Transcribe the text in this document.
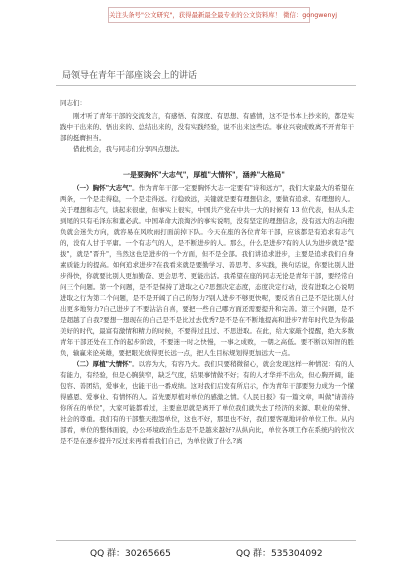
关注头条号"公文研究"，获得最新最全最专业的公文资料库！ 微信：gongwenyj
局领导在青年干部座谈会上的讲话
同志们：

刚才听了青年干部的交流发言，有感悟、有深度、有思想、有感情，这不是书本上抄来的，都是实践中干出来的、悟出来的、总结出来的，没有实践经验，说不出来这些话。事业兴衰成败离不开青年干部的挺膺担当。

借此机会，我与同志们分享四点想法。

一是要胸怀"大志气"，厚植"大情怀"，涵养"大格局"

（一）胸怀"大志气"。作为青年干部一定要胸怀大志一定要有"诗和远方"，我们大家最大的希望在两条，一个是走得稳，一个是走得远。行稳致远，关键就是要有理想信念，要做有追求、有理想的人。关于理想和志气，谈起来很虚，但事实上很实，中国共产党在中共一大的时候有 13 位代表，但从头走到尾的只有毛泽东和董必武。中国革命大浪淘沙的事实说明，没有坚定的理想信念，没有远大的志向抱负就会迷失方向，就容易在风吹雨打面前掉下队。今天在座的各位青年干部，应该都是有追求有志气的，没有人甘于平庸。一个有志气的人，是不断进步的人。那么，什么是进步?有的人认为进步就是"提拔"，就是"晋升"，当然这也是进步的一个方面，但不是全部。我们讲追求进步，主要是追求我们自身素质能力的提高。如何追求进步?在我看来就是要勤学习、善思考、多实践，换句话说，你要比别人进步得快，你就要比别人更加勤奋、更会思考、更能出活。我希望在座的同志无论是青年干部，要经常自问三个问题。第一个问题，是不是保持了进取之心?思想决定态度，态度决定行动，没有进取之心说明进取之行为第二个问题，是不是开阔了自己的努力?别人进步不够更快呢，要反省自己是不是比别人付出更多地努力?自己进步了不要沾沾自喜，要把一些自己哪方面还需要提升和完善。第三个问题，是不是超越了自我?要想一想现在的自己是不是比过去优秀?是不是在不断地提高和进步?青年时代是为你最美好的时代，最富有激情和精力的时候，不要得过且过、不思进取。在此，给大家敲个提醒，绝大多数青年干部还处在工作的起步阶段，不要迷一时之快慢，一事之成败，一朝之高低。要不断以知智的胜负，输赢来论英雄，要把眼光放得更长远一点，把人生目标规划得更加远大一点。

（二）厚植"大情怀"。以容为大，有容乃大。我们只要稍微留心，就会发现这样一种情况：有的人有能力，有经验，但是心胸狭窄，缺乏气度，结果事情做不好；有的人才华并不出众，但心胸开阔，能包容、善团结，爱事业，也能干出一番成绩。这对我们启发有所启示，作为青年干部要努力成为一个懂得感恩、爱事业、有情怀的人。首先要厚植对单位的感激之情。《人民日报》有一篇文章，叫做"请善待你所在的单位"，大家可能都看过，主要意思就是离开了单位我们就失去了经济的来源、职业的荣誉、社会的尊重。我们有的干部整天抱怨单位，这也不好，那里也不好，我们要客观地评价单位工作。从内部看，单位的整体面貌，办公环境政治生态是不是越来越好?从纵向比，单位各项工作在系统内的位次是不是在逐步提升?反过来再看看我们自己，为单位做了什么?离

QQ 群：30265665	QQ 群：535304092
